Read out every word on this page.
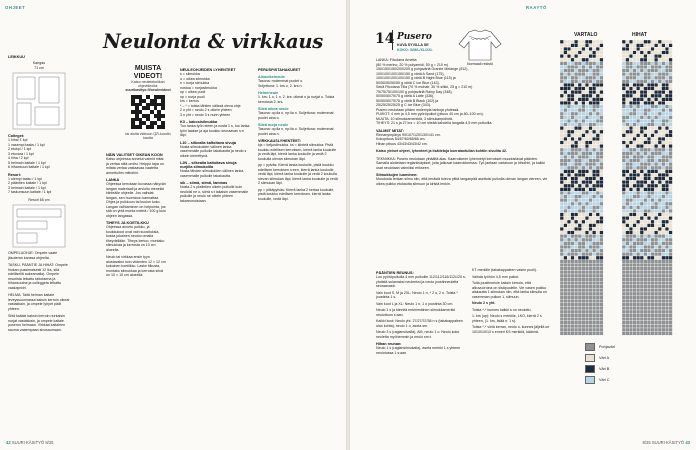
OHJEET
Neulonta & virkkaus
LEIKKUU
Kangas
71 cm
Colleget:
1 hiha/ 1 kpl
1 vasempi taaks / 1 kpl
2 etukpl / 1 kpl
3 etuvara / 1 kpl
4 hiha / 2 kpl
5 helmain kaitale / 1 kpl
6 hihansuun kaitale / 1 kpl
Resori:
1 ulempi taaku / 1 kpl
2 pääntien kaitale / 1 kpl
3 helmain kaitale / 1 kpl
7 taskunsuun kaitale / 1 kpl
Resori 65 cm
OMPELUOHJE: Ompele vaate jäsuteran kanssa ohjeelta.
TASKU, PÄÄNTIE JA HIHAT: Ompele hiukan pussimaisesti 12 lks, sitä edellisellä aukeamalla). Ompele resorista leikattu taitoksena ja hihansuutne ja colleggeta leikattu vaakaproiri.
HELMA: Taitä helman kaitale leveyssuunnassa kaksin kerroin oikeat vastakkain, ja ompele lyhyet päät yhteen.
Siitä kaitale kaksin kerroin nurkaisin nurjat vastakkain, ja ompele kaitale puseron helmaan. Virkkaa kaitaleen sauma vaaempaan sivusaumaan.
MUISTA VIDEOT!
Katso neuletekniikan ohjevideoita:
suurikasityo.fi/neulevideot
tai aloita videoon QR-koodin kautta
NÄIN VALITSET OIKEAN KOON
Katso ohjeessa annetut valmiit mitat ja vertaa niitä omiisi. Helppo tapa on mitata vertaa vastaavaa vaatetta annettuihin mittoihin.
LANKA
Ohjeessa kerrotaan kuvassa näkyvän langan materiaali ja arvioitu menekki kiinteälle ohjeelle. Jos vaihdat langan, sen huomioon kannattaa. Ohjes ja pulkkoon tai kuulun koko. Langan vaihtaminen on helpointa, jos sitä on yhtä monta metriä / 100 g kuin ohjeen langassa.
TIHEYS JA KOETILKKU
Ohjeessa annetu pulkko- ja koukkukoot ovat vain suosituksia, koska jokainen neuloo omalla tiheydellään. Tiheys kertoo, montako silmukkaa ja kerrosta on 10 cm alueella.
Neulo tai virkkaa ensin tyyn alustavaksi noin viidenten 12 × 12 cm kokoinen koetilkku. Laske tilkusta, montako silmukkaa ja kerrosta siinä on 10 × 10 cm alueella.
NEULEOHJEIDEN LYHENTEET
s = silmukka
o = oikea silmukka
n = nurja silmukka
nostoa = nurjasilmukka
op = oikea puoli
np = nurja puoli
krs = kerros
* – * = toista tähtien välissä oleva ohje
2 o yht = neulo 2 s oikein yhteen
3 n yht = neulo 3 s nurin yhteen
K3 – kakosisilmukka
Tuo lanka työn eteen ja nosta 1 s, tuo lanka työn taakse ja aja koukku seuraavan s:n läpi.
L10 – silkealla kaltoitava sivuja
Nosta silmukoiden välinen lanka vasemmalle puikolle takakautta ja neulo s oikein kierrettynä.
L2N – silkealla kaltoitava sivuja nurjilla silmukoilla
Nosta tähden silmukoiden välinen lanka vasemmalle puikolle takakautta.
sik – silmä, silmä, lammas
Nosta 2 s yksitellen oikein puikolle kuin neuloisi ne o, siirrä s:t takaisin vasemmalle puikolle ja neulo ne oikein yhteen takareunoistaan.
PERUSPISTAHAKUEET
Ainaoikeineule
Tasona: molemmat puolet o.
Suljettuna: 1. krs o, 2. krs n.
Helmineule
1. krs: 1 o, 1 n. 2. krs: oikeat n ja nurjat o. Toista kerroksia 2. krs.
Sileä oikea neule
Tasona: op:lla o, np:lla n. Suljettuna: molemmat puolet aina o.
Sileä nurja neule
Tasona: op:lla n, np:lla o. Suljettuna: molemmat puolet aina n.
VIRKKAUSLYHENTEET:
kjs = ketjusilmukka. ks = kiinteä silmukka: Pistä koukku edellisen kerroksen, kierrä lanka koukulle ja vedä läpi, kierrä lanka koukulle ja vedä 2 koukulla olevan silmukan läpi.
pp = pylväs: Kierrä lanka koukulle, pistä koukku edellisen kerroksen s:een, kierrä lanka koukulle, vedä läpi, kierrä lanka koukulle ja vedä 2 koukulla olevan silmukan läpi, kierrä lanka koukulle ja vedä 2 silmukan läpi.
pp = pitkäpylväs: Kierrä lanka 2 kertaa koukulle, pistä koukku edellisen kerroksen, kierrä lanka koukulle, vedä läpi.
42 SUURI KÄSITYÖ 8/25
RAAYTÖ
8/25 SUURI KÄSITYÖ 43
14 Pusero
KUVA SYVILLA SE
KOKO: S/M/L/XL/2XL
Normaali rekistö
LANKA: Filcolana Arnetta
(80 % merino, 20 % polyamidi, 50 g = 210 m)
150/150/150/200/200 g pohjaväriä Granite Melange (812),
100/100/100/150/150 g väriä A Sand (175),
100/100/100/100/150 g väriä B Night Blue (115) ja
50/50/50/50/50 g väriä C Ice Blue (143).
Sekä Filcolana Tilia (70 % mohair, 30 % silkki, 25 g = 210 m)
75/75/75/100/100 g pohjaväriä Rainy Day (348),
50/50/50/75/75 g väriä A Latte (336),
50/50/50/75/75 g väriä B Black (102) ja
25/25/25/25/25 g C Ice Blue (343).
Pusero neulotaan pitäen molempia lankoja yhdessä.
PUIKOT: 4 mm ja 4,5 mm pyöröpuikot (pituus 40 cm ja 80–100 cm).
MUUTA: 10 silmukkamerkkiä, 3 silmukanpidintä.
TIHEYS: 21 s ja 27 krs = 10 cm sileää kahdella langalla 4,5 mm puikoilla.
VALMIIT MITAT:
Rinnanympärys 99/107/120/130/141 cm.
Kokopituus 54/57/60/65/66 cm.
Hihan pituus 43/43/43/43/42 cm.
Katso yleiset ohjeet, lyhenteet ja lisätietoja koeratantuilan kohtiin sivuilta 42.
TEKNIIKKA: Pusero neulotaan ylhäältä alas. Kaarrokkeen lyhennetyt kerrokset muodostavat päänten. Samalla aloitetaan reglanlisäykset, joita jatkuvat kaarrokkeessa. Työ jaetaan vartaloon ja hihoihin, ja kaikki osat neulotaan valmiiksi erikseen.
Silmukkojen luominen:
Muodosta lenkan silmu niin, että kerästä tuleva pitkä langanpää asettuisi puikolla olevan langan viereen, vie oikea puikko etukautta silmuun ja kiristä lenkin.
PÄÄNTIEN REUNUS:
Luo pyöröpuikolla 4 mm puikoille 112/112/116/112/120 s, yhdistä sulamaksi neuleeksi ja neulo joustinneuletta seuraavasti:
Vain koot S, M ja 2XL: Neulo 1 n, * 2 o, 2 n. Toista * joustinta 1 s.
Vain koot L ja XL: Neulo 1 n, 1 o joustinta 30 cm.
Neulo 1 s ja kiinnitä ensimmäinen silmukkamerkki neulottuun s:aan.
Kaikki koot: Neulo yht. 27/27/37/38 n s (takakappaleen olan kohta), neulo 1 o, aseta sm.
Neulo 3 s (raglanviivalla), AM, neulo 1 o. Neulo koko neuletta myöhemmin ja neulo sm:t.
Hihan reunan:
Neulo 1 s (raglansilmukalla), aseta merkki 1 s yhteen neulotussa 1 s:aan.
KT-merkille (takakappaleen vasen puoli).
Vaihda työhön 4,5 mm puikot.
Tulla joustinneule kaksin kerroin, että alkuvuoroina on sisäpuolelle. Vie vasen puikko alakautta 1 silmukan niin, että lanka silmulla on vasemman puikon 1. silmuun.
Neulo 2 s yht.
Toista *-* kunnes kaikki s on neulottu.
1. krs (op): Neulo s merkille, LKO, kierrä 2 s yhteen, (1. krs, lisää n. 1 s).
Toista *-* vielä kerran, neulo o. kunnes jäljellä on 10/10/10/10 s ennen KS merkkiä, käännä.
VARTALO	HIHAT
Pohjaväri
Väri A
Väri B
Väri C
